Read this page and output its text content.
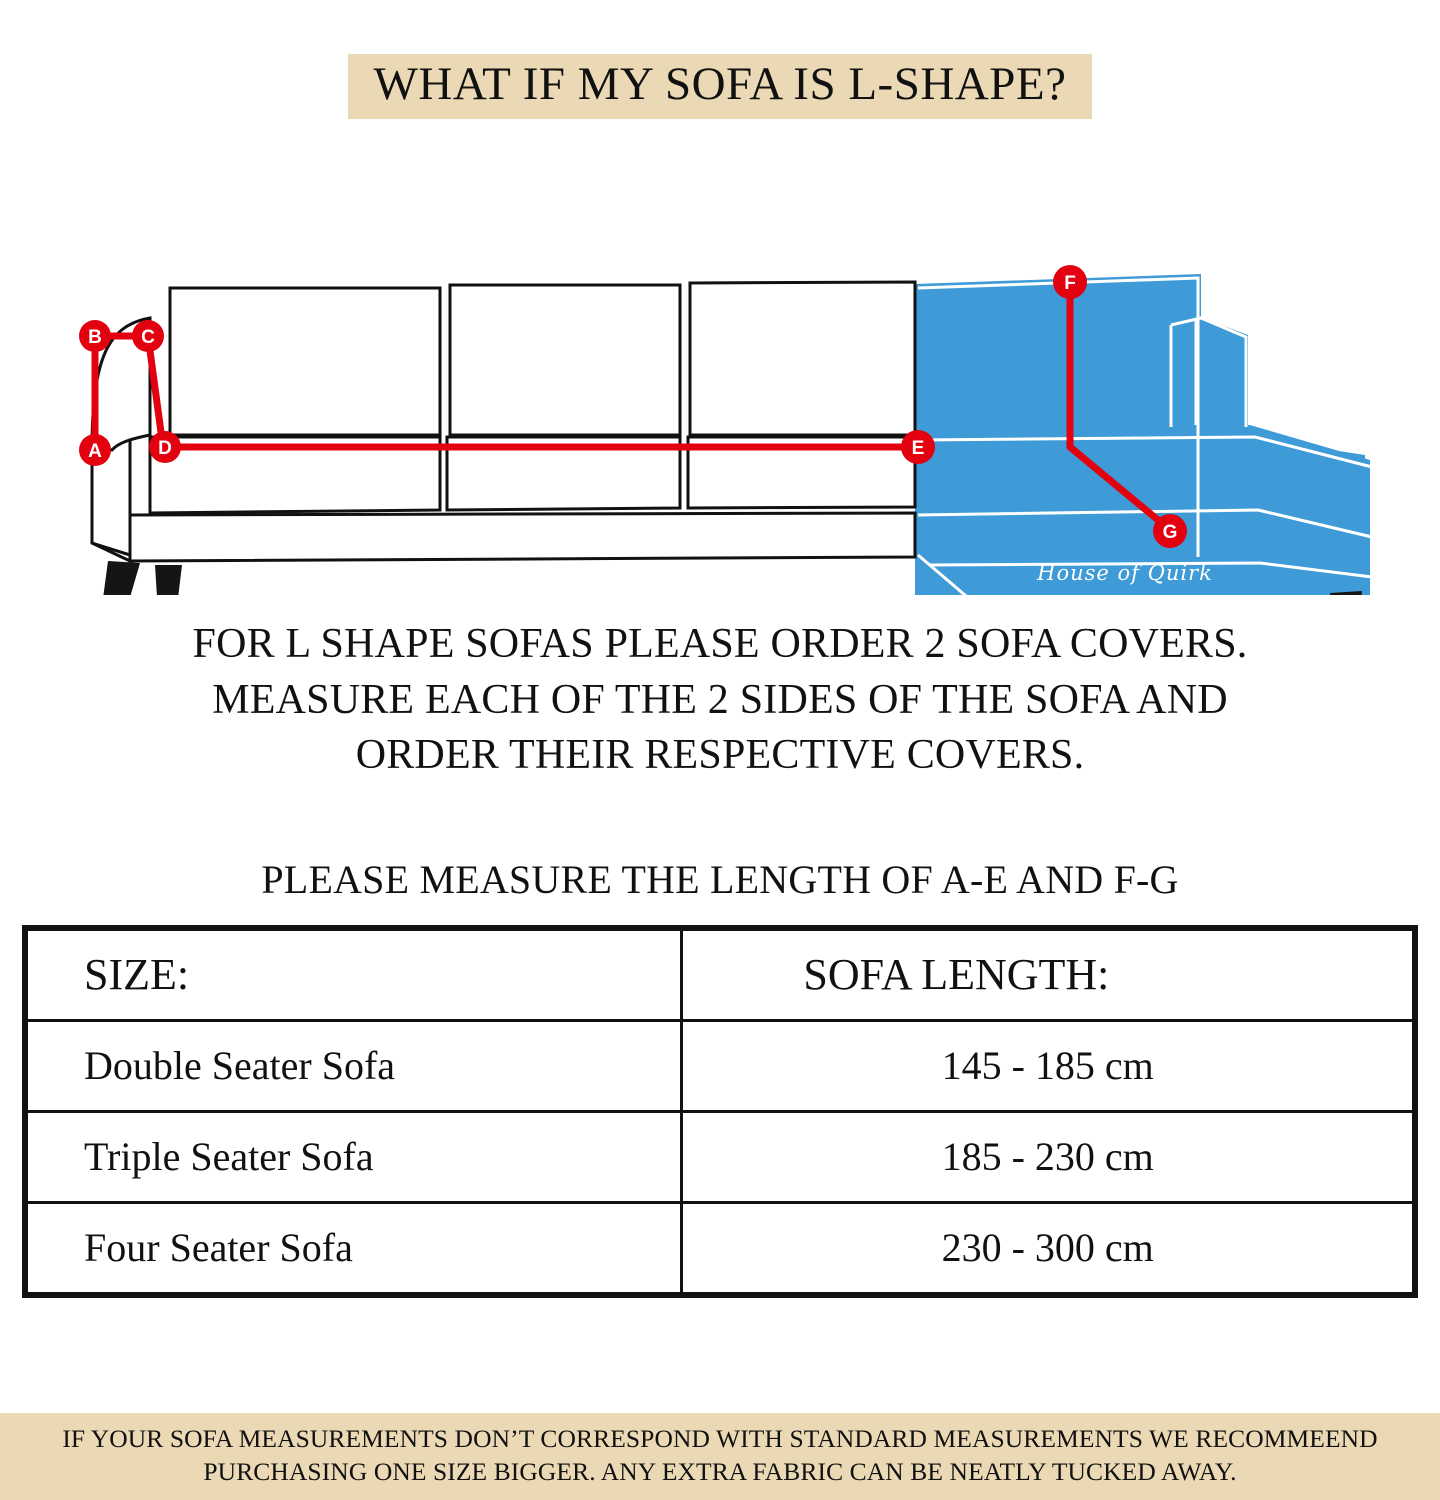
WHAT IF MY SOFA IS L-SHAPE?
House of Quirk
A
B C
D	E
F
G
FOR L SHAPE SOFAS PLEASE ORDER 2 SOFA COVERS.
MEASURE EACH OF THE 2 SIDES OF THE SOFA AND
ORDER THEIR RESPECTIVE COVERS.
PLEASE MEASURE THE LENGTH OF A-E AND F-G
SIZE:	SOFA LENGTH:
Double Seater Sofa	145 - 185 cm
Triple Seater Sofa	185 - 230 cm
Four Seater Sofa	230 - 300 cm
IF YOUR SOFA MEASUREMENTS DON’T CORRESPOND WITH STANDARD MEASUREMENTS WE RECOMMEEND
PURCHASING ONE SIZE BIGGER. ANY EXTRA FABRIC CAN BE NEATLY TUCKED AWAY.
